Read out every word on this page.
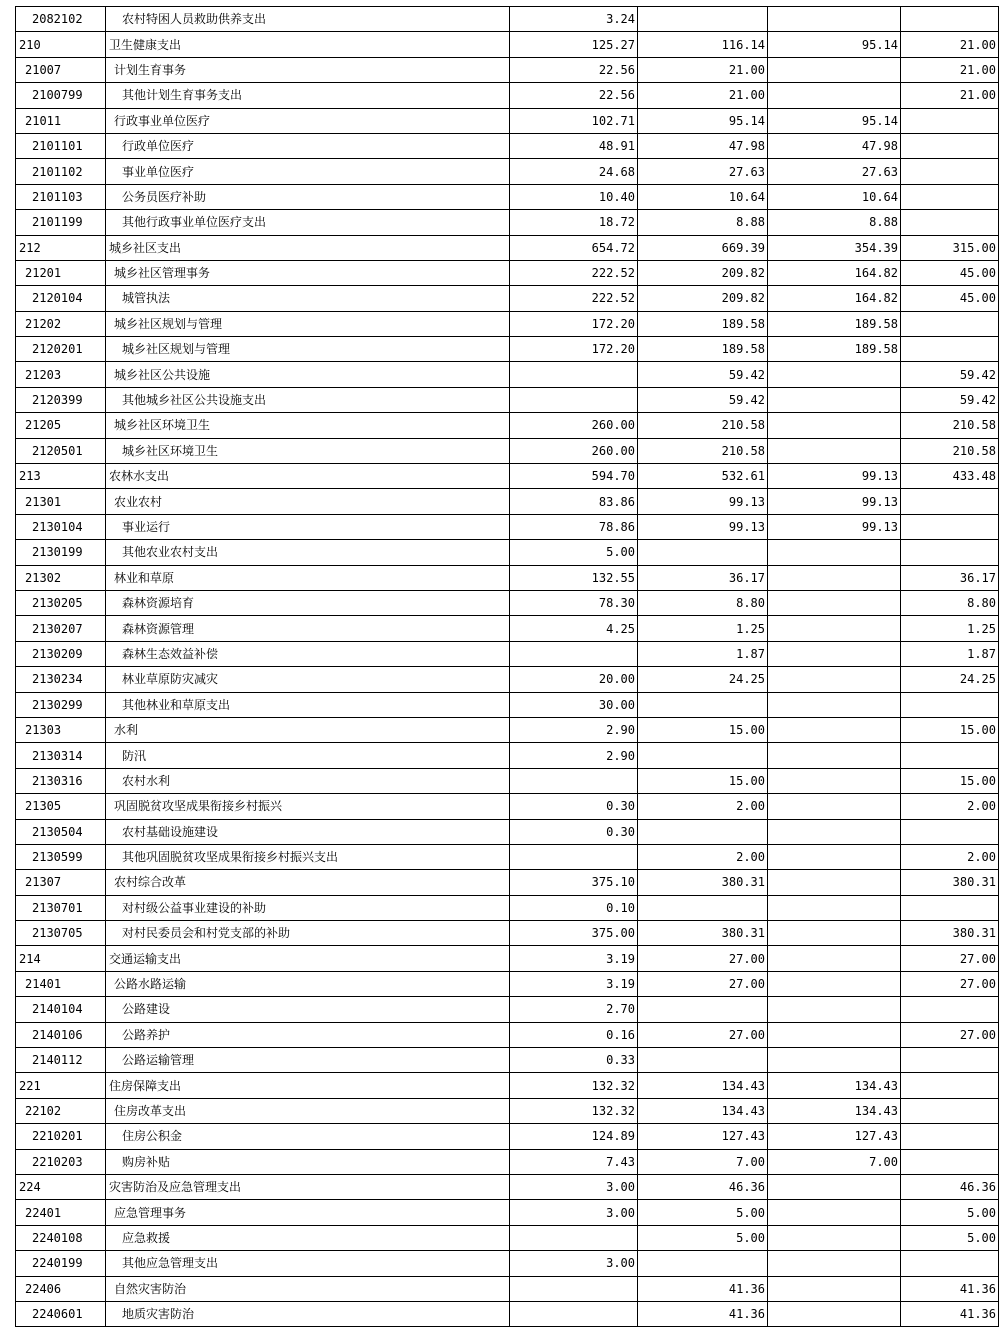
2082102	农村特困人员救助供养支出	3.24			
210	卫生健康支出	125.27	116.14	95.14	21.00
21007	计划生育事务	22.56	21.00		21.00
2100799	其他计划生育事务支出	22.56	21.00		21.00
21011	行政事业单位医疗	102.71	95.14	95.14	
2101101	行政单位医疗	48.91	47.98	47.98	
2101102	事业单位医疗	24.68	27.63	27.63	
2101103	公务员医疗补助	10.40	10.64	10.64	
2101199	其他行政事业单位医疗支出	18.72	8.88	8.88	
212	城乡社区支出	654.72	669.39	354.39	315.00
21201	城乡社区管理事务	222.52	209.82	164.82	45.00
2120104	城管执法	222.52	209.82	164.82	45.00
21202	城乡社区规划与管理	172.20	189.58	189.58	
2120201	城乡社区规划与管理	172.20	189.58	189.58	
21203	城乡社区公共设施		59.42		59.42
2120399	其他城乡社区公共设施支出		59.42		59.42
21205	城乡社区环境卫生	260.00	210.58		210.58
2120501	城乡社区环境卫生	260.00	210.58		210.58
213	农林水支出	594.70	532.61	99.13	433.48
21301	农业农村	83.86	99.13	99.13	
2130104	事业运行	78.86	99.13	99.13	
2130199	其他农业农村支出	5.00			
21302	林业和草原	132.55	36.17		36.17
2130205	森林资源培育	78.30	8.80		8.80
2130207	森林资源管理	4.25	1.25		1.25
2130209	森林生态效益补偿		1.87		1.87
2130234	林业草原防灾减灾	20.00	24.25		24.25
2130299	其他林业和草原支出	30.00			
21303	水利	2.90	15.00		15.00
2130314	防汛	2.90			
2130316	农村水利		15.00		15.00
21305	巩固脱贫攻坚成果衔接乡村振兴	0.30	2.00		2.00
2130504	农村基础设施建设	0.30			
2130599	其他巩固脱贫攻坚成果衔接乡村振兴支出		2.00		2.00
21307	农村综合改革	375.10	380.31		380.31
2130701	对村级公益事业建设的补助	0.10			
2130705	对村民委员会和村党支部的补助	375.00	380.31		380.31
214	交通运输支出	3.19	27.00		27.00
21401	公路水路运输	3.19	27.00		27.00
2140104	公路建设	2.70			
2140106	公路养护	0.16	27.00		27.00
2140112	公路运输管理	0.33			
221	住房保障支出	132.32	134.43	134.43	
22102	住房改革支出	132.32	134.43	134.43	
2210201	住房公积金	124.89	127.43	127.43	
2210203	购房补贴	7.43	7.00	7.00	
224	灾害防治及应急管理支出	3.00	46.36		46.36
22401	应急管理事务	3.00	5.00		5.00
2240108	应急救援		5.00		5.00
2240199	其他应急管理支出	3.00			
22406	自然灾害防治		41.36		41.36
2240601	地质灾害防治		41.36		41.36
